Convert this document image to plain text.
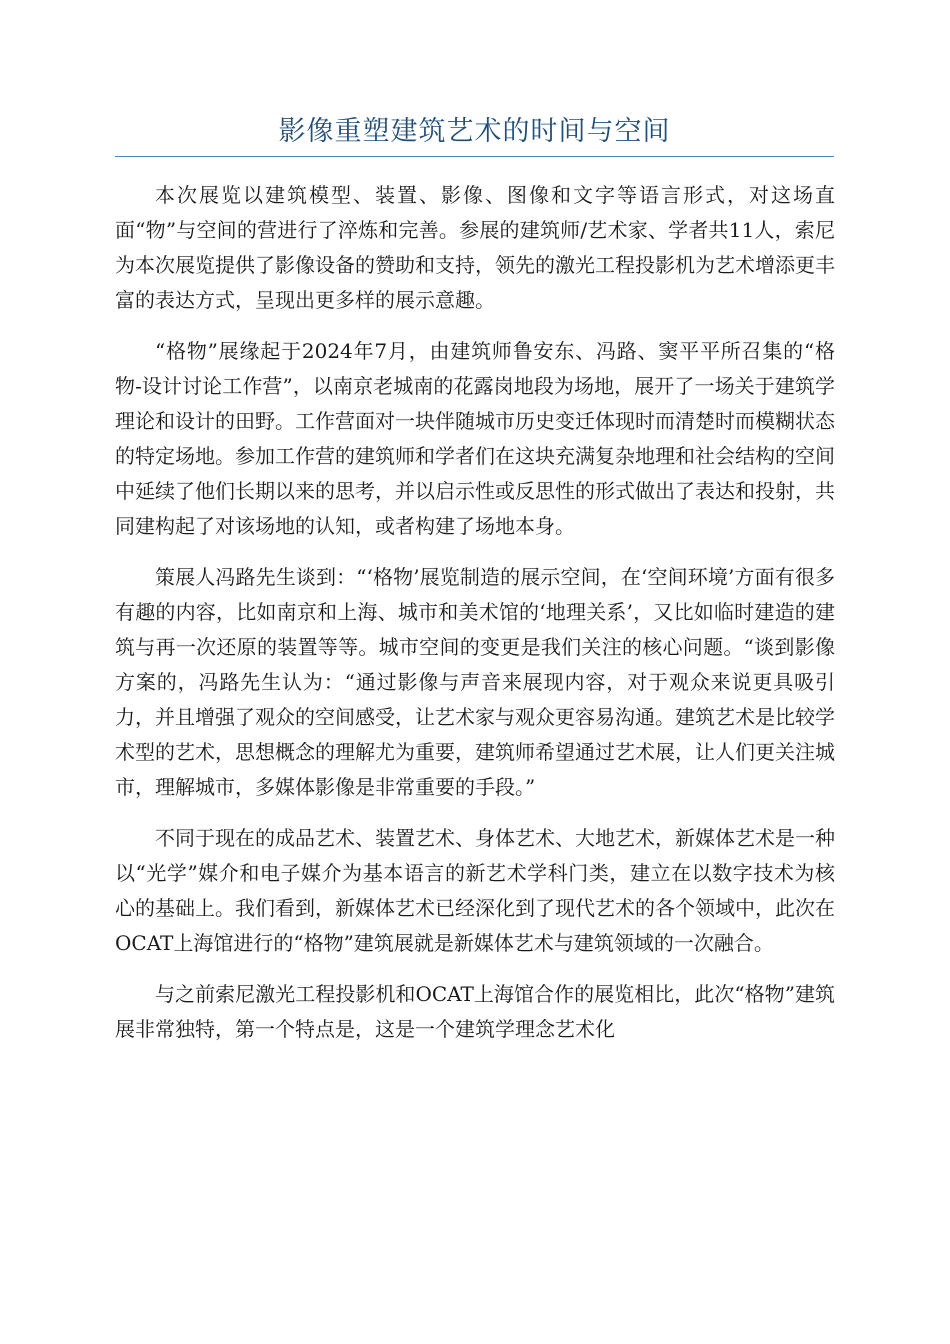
影像重塑建筑艺术的时间与空间

本次展览以建筑模型、装置、影像、图像和文字等语言形式，对这场直面“物”与空间的营进行了淬炼和完善。参展的建筑师/艺术家、学者共11人，索尼为本次展览提供了影像设备的赞助和支持，领先的激光工程投影机为艺术增添更丰富的表达方式，呈现出更多样的展示意趣。

“格物”展缘起于2024年7月，由建筑师鲁安东、冯路、窦平平所召集的“格物-设计讨论工作营”，以南京老城南的花露岗地段为场地，展开了一场关于建筑学理论和设计的田野。工作营面对一块伴随城市历史变迁体现时而清楚时而模糊状态的特定场地。参加工作营的建筑师和学者们在这块充满复杂地理和社会结构的空间中延续了他们长期以来的思考，并以启示性或反思性的形式做出了表达和投射，共同建构起了对该场地的认知，或者构建了场地本身。

策展人冯路先生谈到：“‘格物’展览制造的展示空间，在‘空间环境’方面有很多有趣的内容，比如南京和上海、城市和美术馆的‘地理关系’，又比如临时建造的建筑与再一次还原的装置等等。城市空间的变更是我们关注的核心问题。“谈到影像方案的，冯路先生认为：“通过影像与声音来展现内容，对于观众来说更具吸引力，并且增强了观众的空间感受，让艺术家与观众更容易沟通。建筑艺术是比较学术型的艺术，思想概念的理解尤为重要，建筑师希望通过艺术展，让人们更关注城市，理解城市，多媒体影像是非常重要的手段。”

不同于现在的成品艺术、装置艺术、身体艺术、大地艺术，新媒体艺术是一种以“光学”媒介和电子媒介为基本语言的新艺术学科门类，建立在以数字技术为核心的基础上。我们看到，新媒体艺术已经深化到了现代艺术的各个领域中，此次在OCAT上海馆进行的“格物”建筑展就是新媒体艺术与建筑领域的一次融合。

与之前索尼激光工程投影机和OCAT上海馆合作的展览相比，此次“格物”建筑展非常独特，第一个特点是，这是一个建筑学理念艺术化
